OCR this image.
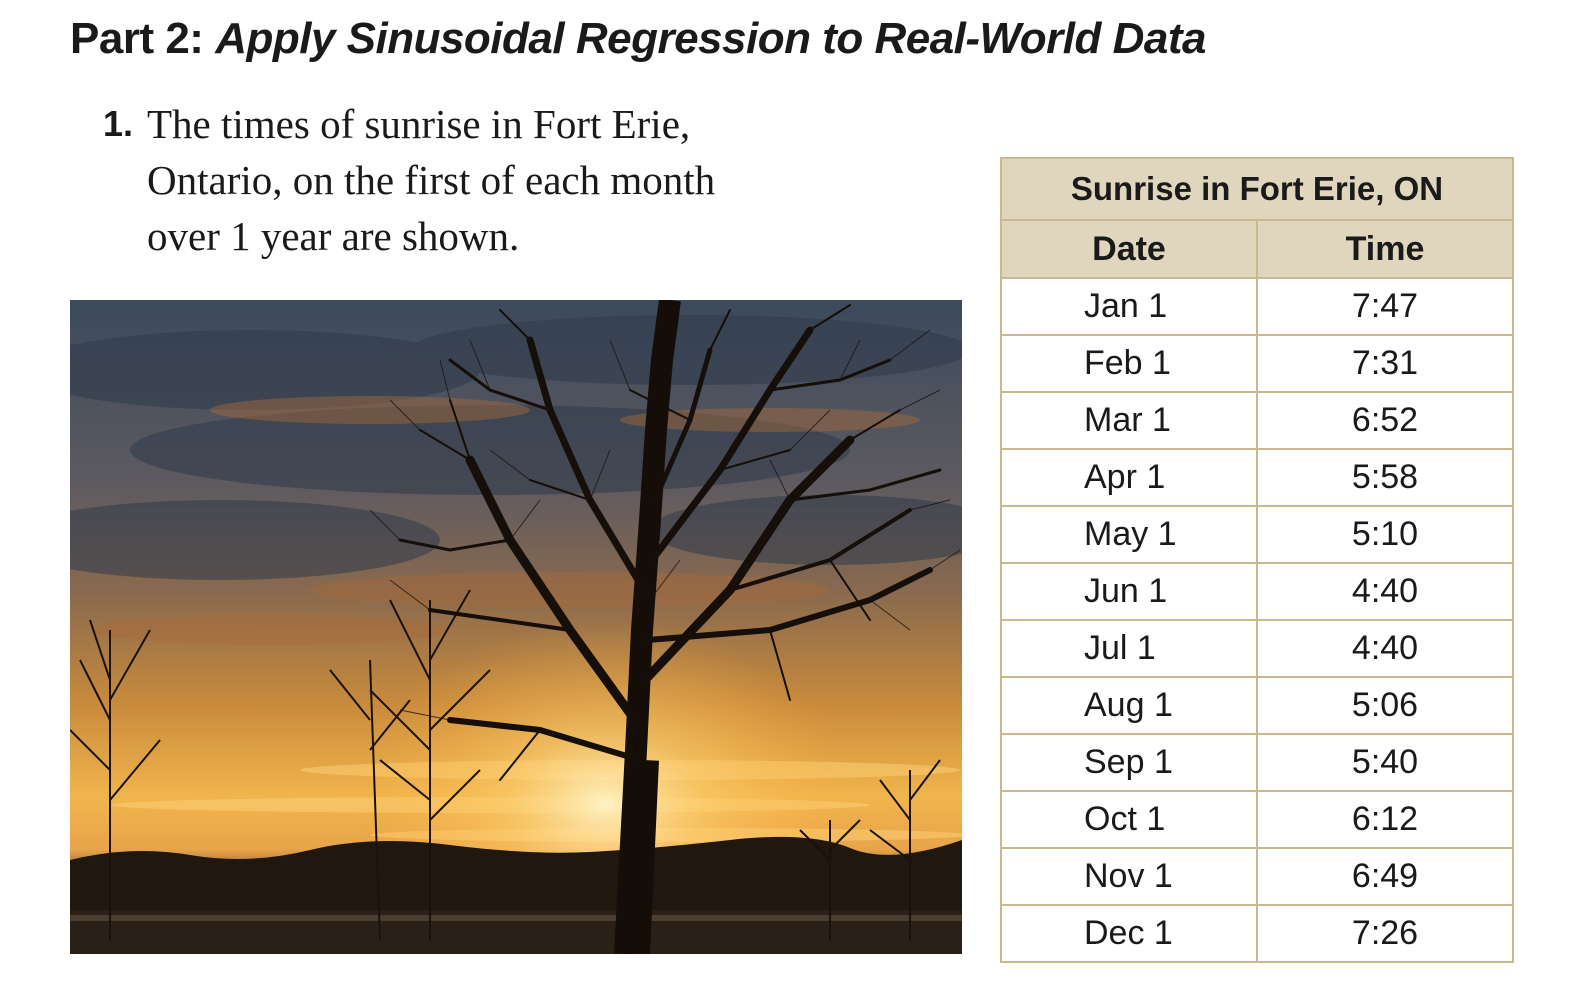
Part 2: Apply Sinusoidal Regression to Real-World Data
1. The times of sunrise in Fort Erie, Ontario, on the first of each month over 1 year are shown.
Sunrise in Fort Erie, ON	
Date	Time
Jan 1	7:47
Feb 1	7:31
Mar 1	6:52
Apr 1	5:58
May 1	5:10
Jun 1	4:40
Jul 1	4:40
Aug 1	5:06
Sep 1	5:40
Oct 1	6:12
Nov 1	6:49
Dec 1	7:26
